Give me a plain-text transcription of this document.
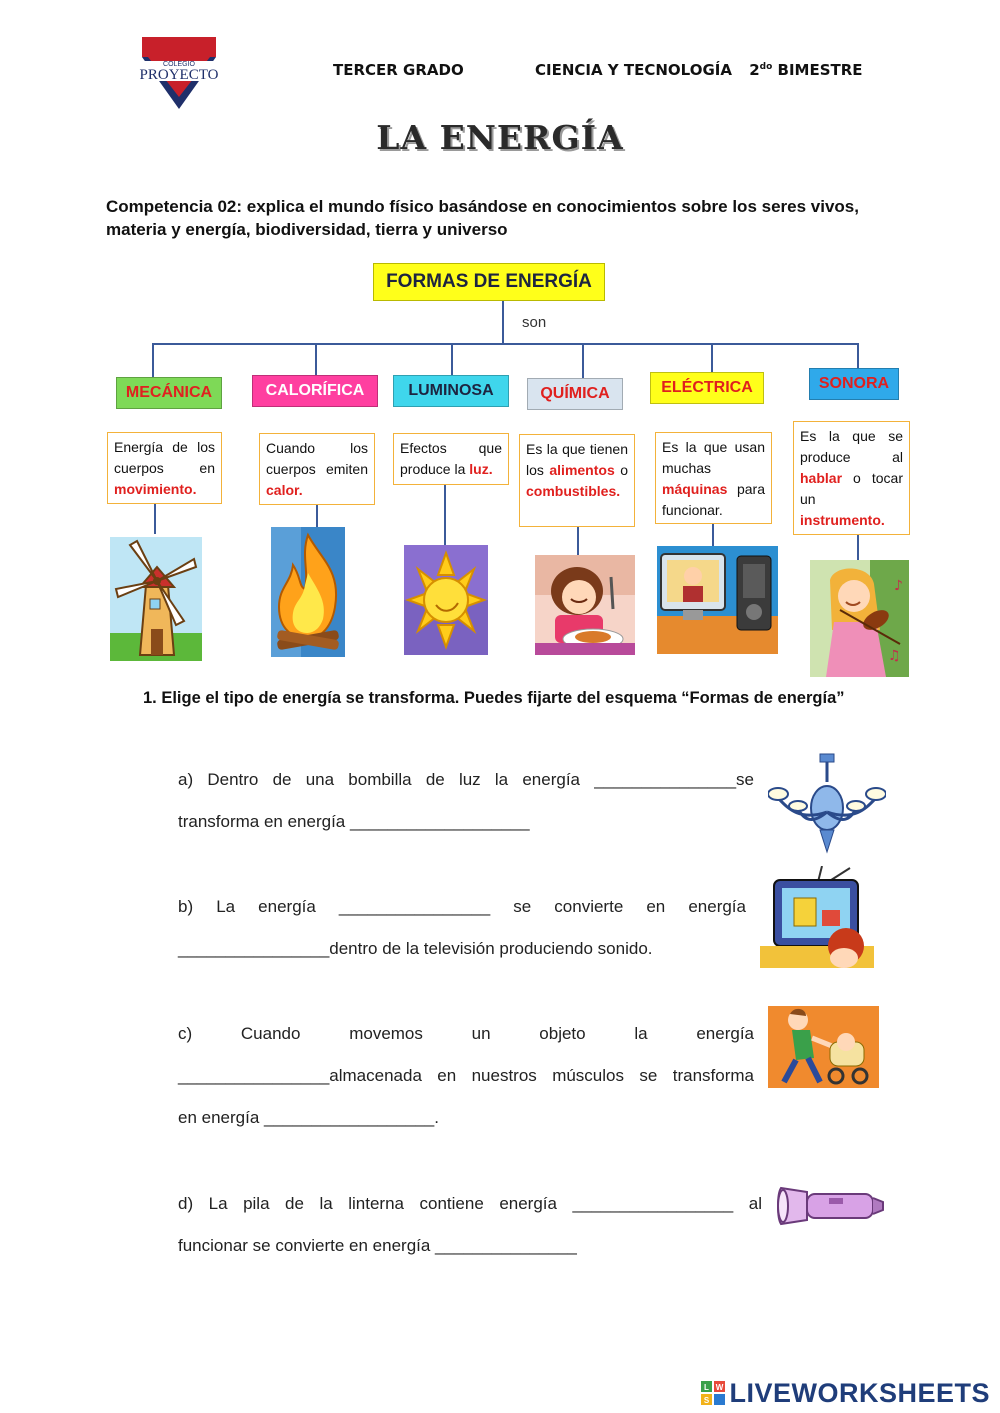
COLEGIO
PROYECTO	TERCER GRADO	CIENCIA Y TECNOLOGÍA $2^{do}$ BIMESTRE
LA ENERGÍA
Competencia 02: explica el mundo físico basándose en conocimientos sobre los seres vivos, materia y energía, biodiversidad, tierra y universo
FORMAS DE ENERGÍA
son
MECÁNICA	CALORÍFICA	LUMINOSA	QUÍMICA	ELÉCTRICA	SONORA
Energía de los cuerpos en movimiento.
Cuando los cuerpos emiten calor.
Efectos que produce la luz.
Es la que tienen los alimentos o combustibles.
Es la que usan muchas máquinas para funcionar.
Es la que se produce al hablar o tocar un instrumento.
♪
♫
1. Elige el tipo de energía se transforma. Puedes fijarte del esquema “Formas de energía”
a) Dentro de una bombilla de luz la energía _______________se
transforma en energía ___________________
b) La energía ________________ se convierte en energía
________________dentro de la televisión produciendo sonido.
c) Cuando movemos un objeto la energía
________________almacenada en nuestros músculos se transforma
en energía __________________.
d) La pila de la linterna contiene energía _________________ al
funcionar se convierte en energía _______________
L W
S LIVEWORKSHEETS
